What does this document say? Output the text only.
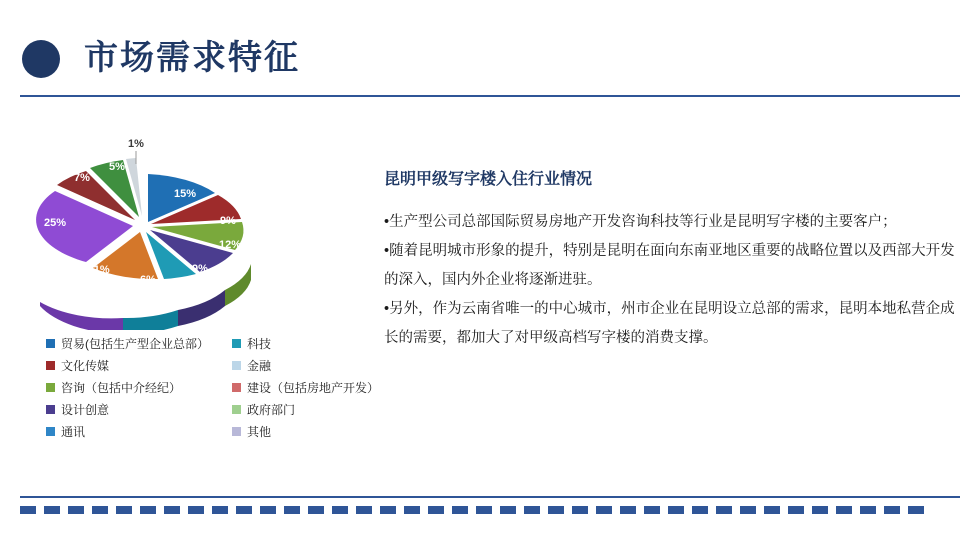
市场需求特征
15%
9%
12%
9%
6%
11%
25%
7%
5%
1%
贸易(包括生产型企业总部）	科技
文化传媒	金融
咨询（包括中介经纪）	建设（包括房地产开发）
设计创意	政府部门
通讯	其他
昆明甲级写字楼入住行业情况

•生产型公司总部国际贸易房地产开发咨询科技等行业是昆明写字楼的主要客户；

•随着昆明城市形象的提升，特别是昆明在面向东南亚地区重要的战略位置以及西部大开发的深入，国内外企业将逐渐进驻。

•另外，作为云南省唯一的中心城市，州市企业在昆明设立总部的需求，昆明本地私营企成长的需要，都加大了对甲级高档写字楼的消费支撑。
